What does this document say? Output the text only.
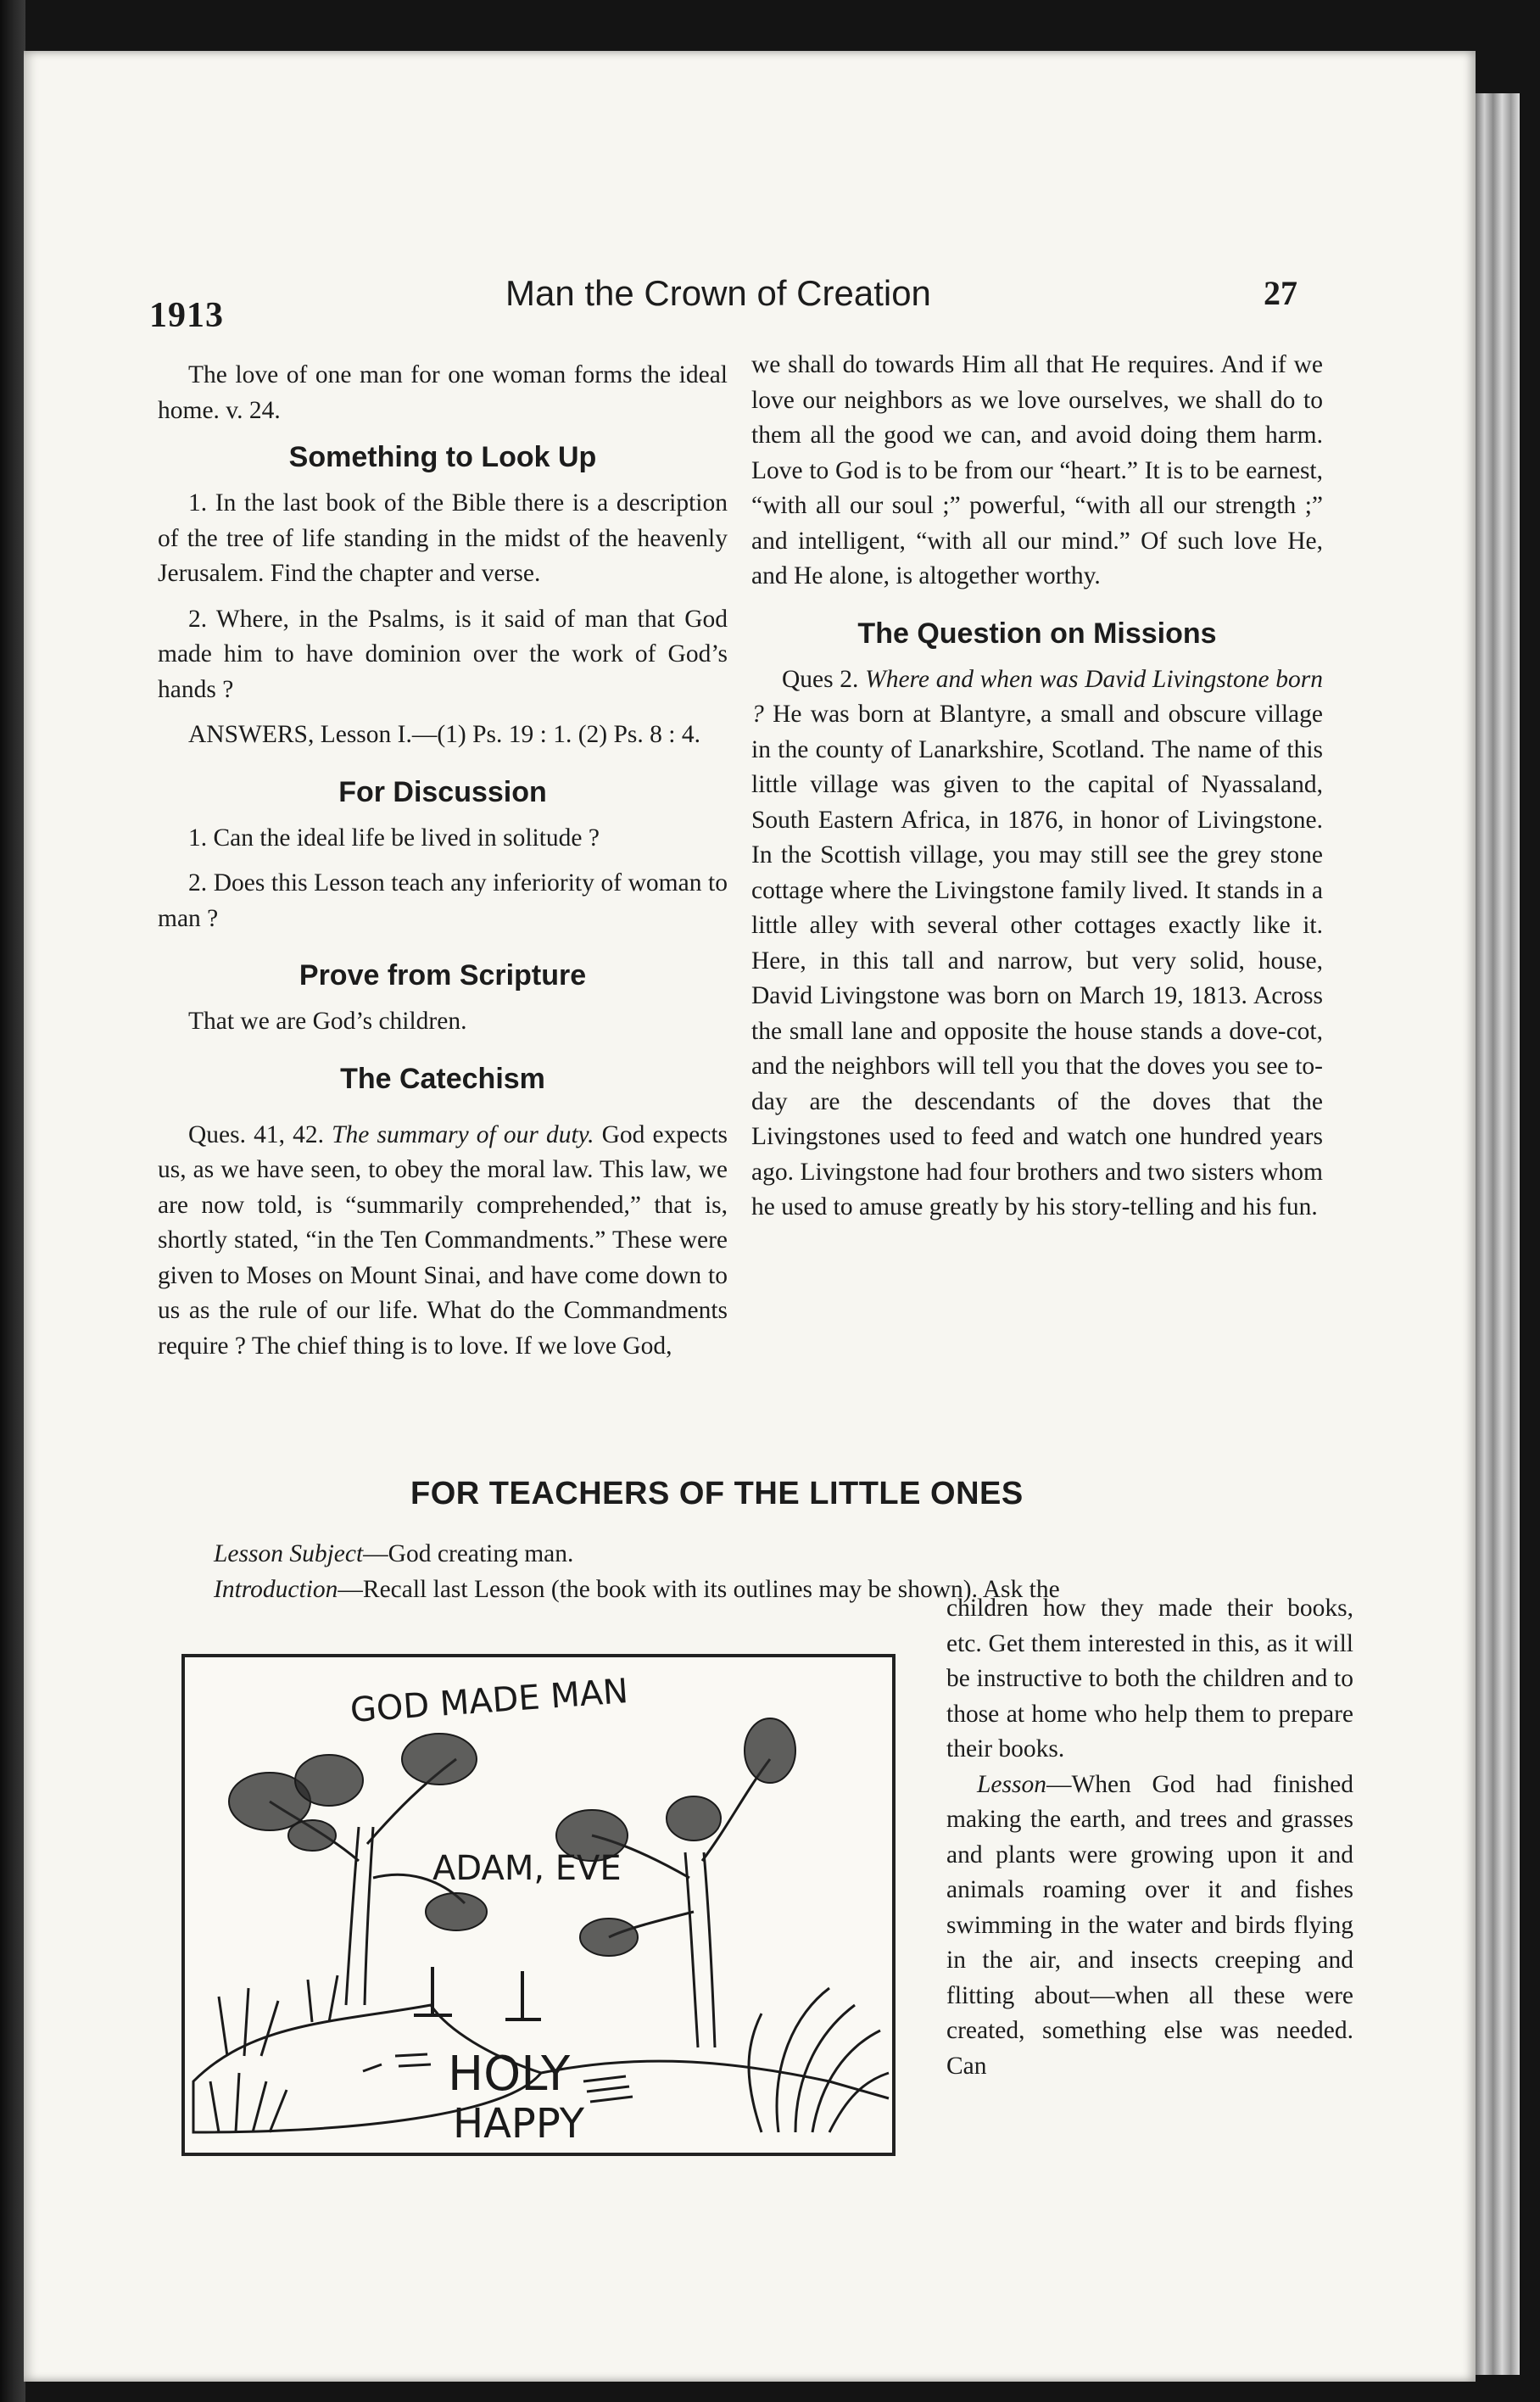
1913
Man the Crown of Creation	27

The love of one man for one woman forms the ideal home. v. 24.

Something to Look Up

1. In the last book of the Bible there is a description of the tree of life standing in the midst of the heavenly Jerusalem. Find the chapter and verse.

2. Where, in the Psalms, is it said of man that God made him to have dominion over the work of God’s hands ?

ANSWERS, Lesson I.—(1) Ps. 19 : 1. (2) Ps. 8 : 4.

For Discussion

1. Can the ideal life be lived in solitude ?

2. Does this Lesson teach any inferiority of woman to man ?

Prove from Scripture

That we are God’s children.

The Catechism

Ques. 41, 42. The summary of our duty. God expects us, as we have seen, to obey the moral law. This law, we are now told, is “summarily comprehended,” that is, shortly stated, “in the Ten Commandments.” These were given to Moses on Mount Sinai, and have come down to us as the rule of our life. What do the Commandments require ? The chief thing is to love. If we love God,

we shall do towards Him all that He requires. And if we love our neighbors as we love ourselves, we shall do to them all the good we can, and avoid doing them harm. Love to God is to be from our “heart.” It is to be earnest, “with all our soul ;” powerful, “with all our strength ;” and intelligent, “with all our mind.” Of such love He, and He alone, is altogether worthy.

The Question on Missions

Ques 2. Where and when was David Livingstone born ? He was born at Blantyre, a small and obscure village in the county of Lanarkshire, Scotland. The name of this little village was given to the capital of Nyassaland, South Eastern Africa, in 1876, in honor of Livingstone. In the Scottish village, you may still see the grey stone cottage where the Livingstone family lived. It stands in a little alley with several other cottages exactly like it. Here, in this tall and narrow, but very solid, house, David Livingstone was born on March 19, 1813. Across the small lane and opposite the house stands a dove-cot, and the neighbors will tell you that the doves you see to-day are the descendants of the doves that the Livingstones used to feed and watch one hundred years ago. Livingstone had four brothers and two sisters whom he used to amuse greatly by his story-telling and his fun.

FOR TEACHERS OF THE LITTLE ONES

Lesson Subject—God creating man.

Introduction—Recall last Lesson (the book with its outlines may be shown). Ask the

children how they made their books, etc. Get them interested in this, as it will be instructive to both the children and to those at home who help them to prepare their books.

Lesson—When God had finished making the earth, and trees and grasses and plants were growing upon it and animals roaming over it and fishes swimming in the water and birds flying in the air, and insects creeping and flitting about—when all these were created, something else was needed. Can

GOD MADE MAN
ADAM, EVE
HOLY
HAPPY
